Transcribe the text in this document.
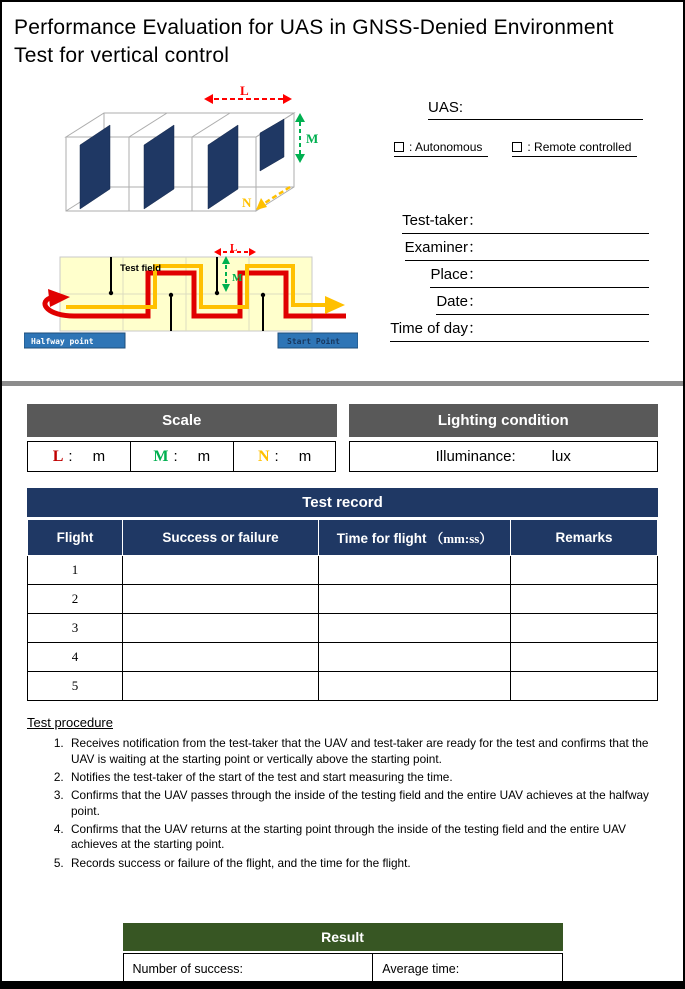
Performance Evaluation for UAS in GNSS-Denied Environment
Test for vertical control
L
M
N
Test field
L
M
Halfway point	Start Point
UAS:
: Autonomous	: Remote controlled
Test-taker：
Examiner：
Place：
Date：
Time of day：
Scale
L : m	M : m	N : m
Lighting condition
Illuminance: lux
Test record
Flight	Success or failure	Time for flight （mm:ss）	Remarks
1			
2			
3			
4			
5			
Test procedure
1. Receives notification from the test-taker that the UAV and test-taker are ready for the test and confirms that the UAV is waiting at the starting point or vertically above the starting point.
2. Notifies the test-taker of the start of the test and start measuring the time.
3. Confirms that the UAV passes through the inside of the testing field and the entire UAV achieves at the halfway point.
4. Confirms that the UAV returns at the starting point through the inside of the testing field and the entire UAV achieves at the starting point.
5. Records success or failure of the flight, and the time for the flight.
Result
Number of success:	Average time:
